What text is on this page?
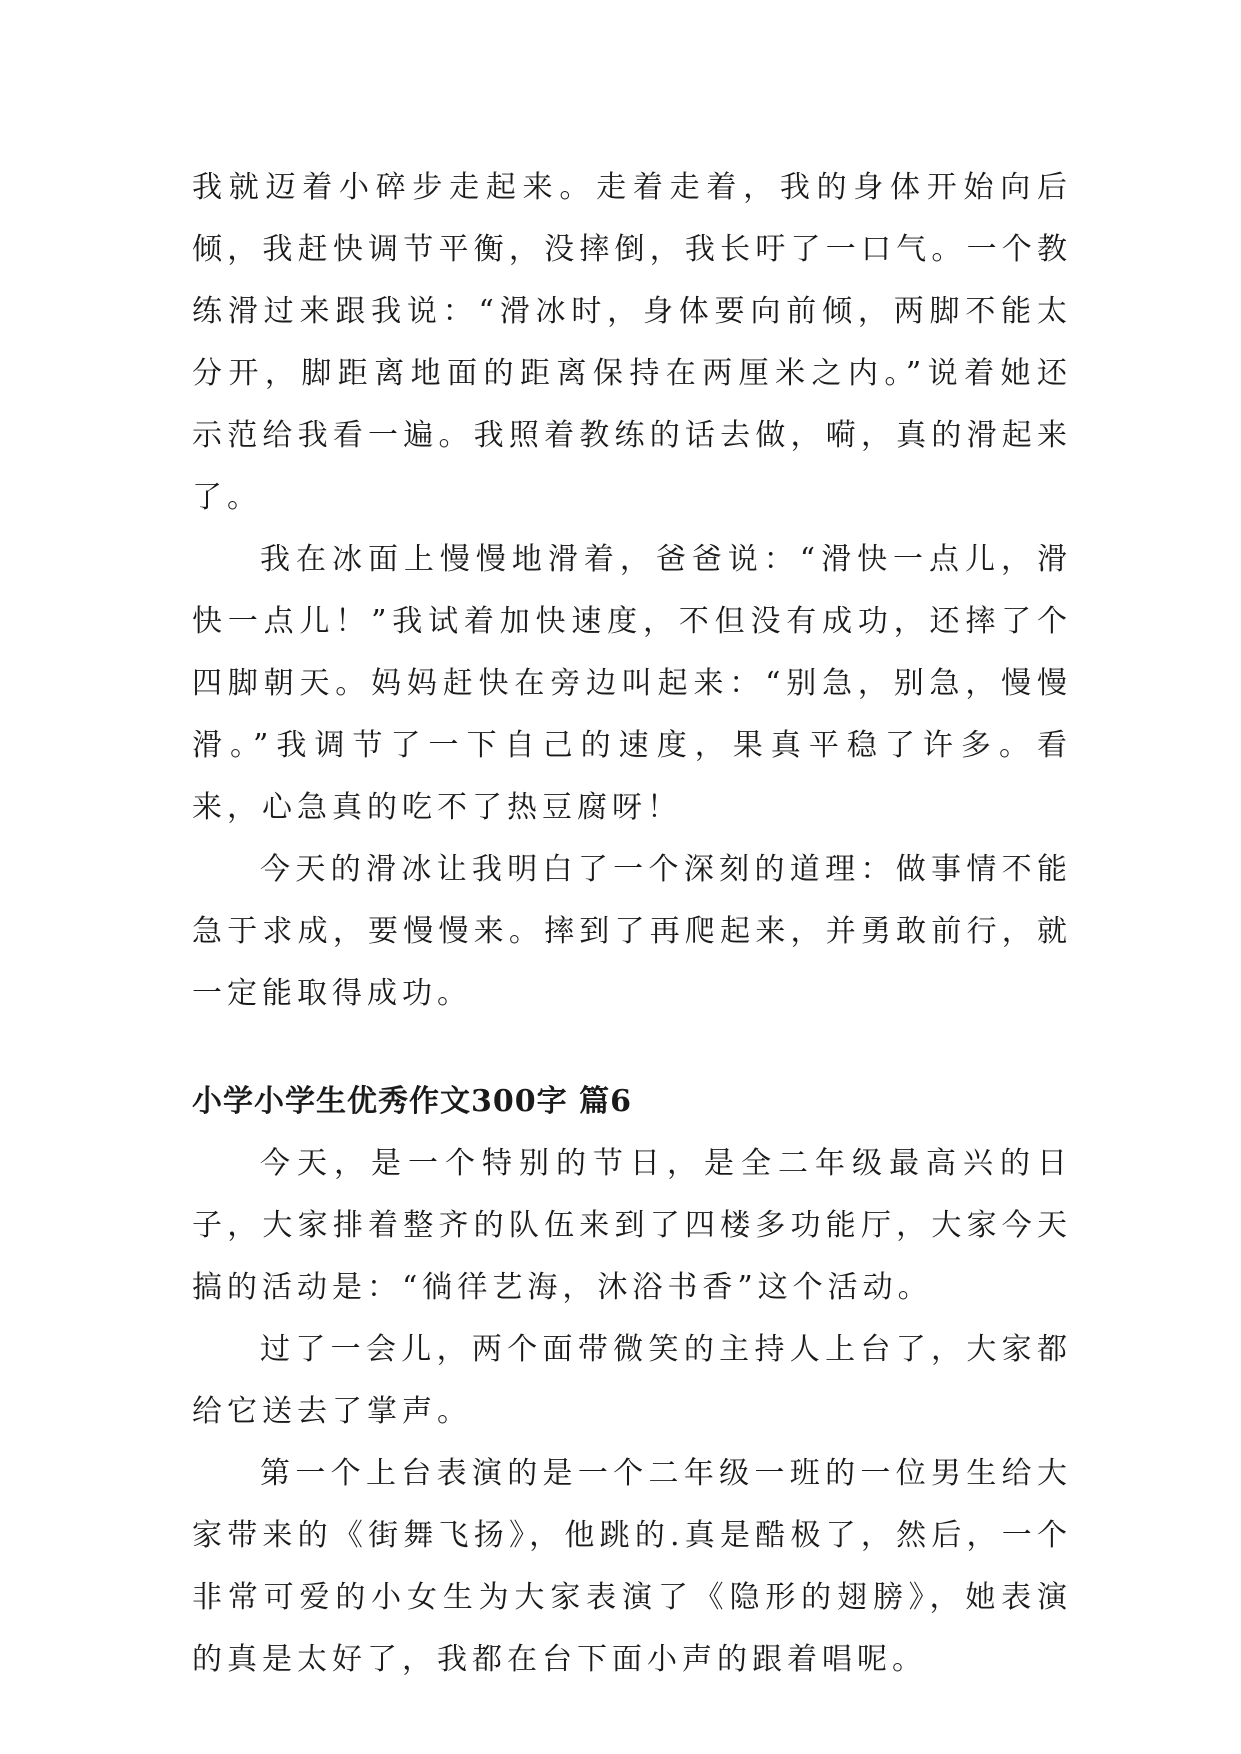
我就迈着小碎步走起来。走着走着，我的身体开始向后倾，我赶快调节平衡，没摔倒，我长吁了一口气。一个教练滑过来跟我说：“滑冰时，身体要向前倾，两脚不能太分开，脚距离地面的距离保持在两厘米之内。”说着她还示范给我看一遍。我照着教练的话去做，嗬，真的滑起来了。

我在冰面上慢慢地滑着，爸爸说：“滑快一点儿，滑快一点儿！”我试着加快速度，不但没有成功，还摔了个四脚朝天。妈妈赶快在旁边叫起来：“别急，别急，慢慢滑。”我调节了一下自己的速度，果真平稳了许多。看来，心急真的吃不了热豆腐呀！

今天的滑冰让我明白了一个深刻的道理：做事情不能急于求成，要慢慢来。摔到了再爬起来，并勇敢前行，就一定能取得成功。

小学小学生优秀作文300字 篇6

今天，是一个特别的节日，是全二年级最高兴的日子，大家排着整齐的队伍来到了四楼多功能厅，大家今天搞的活动是：“徜徉艺海，沐浴书香”这个活动。

过了一会儿，两个面带微笑的主持人上台了，大家都给它送去了掌声。

第一个上台表演的是一个二年级一班的一位男生给大家带来的《街舞飞扬》，他跳的.真是酷极了，然后，一个非常可爱的小女生为大家表演了《隐形的翅膀》，她表演的真是太好了，我都在台下面小声的跟着唱呢。
